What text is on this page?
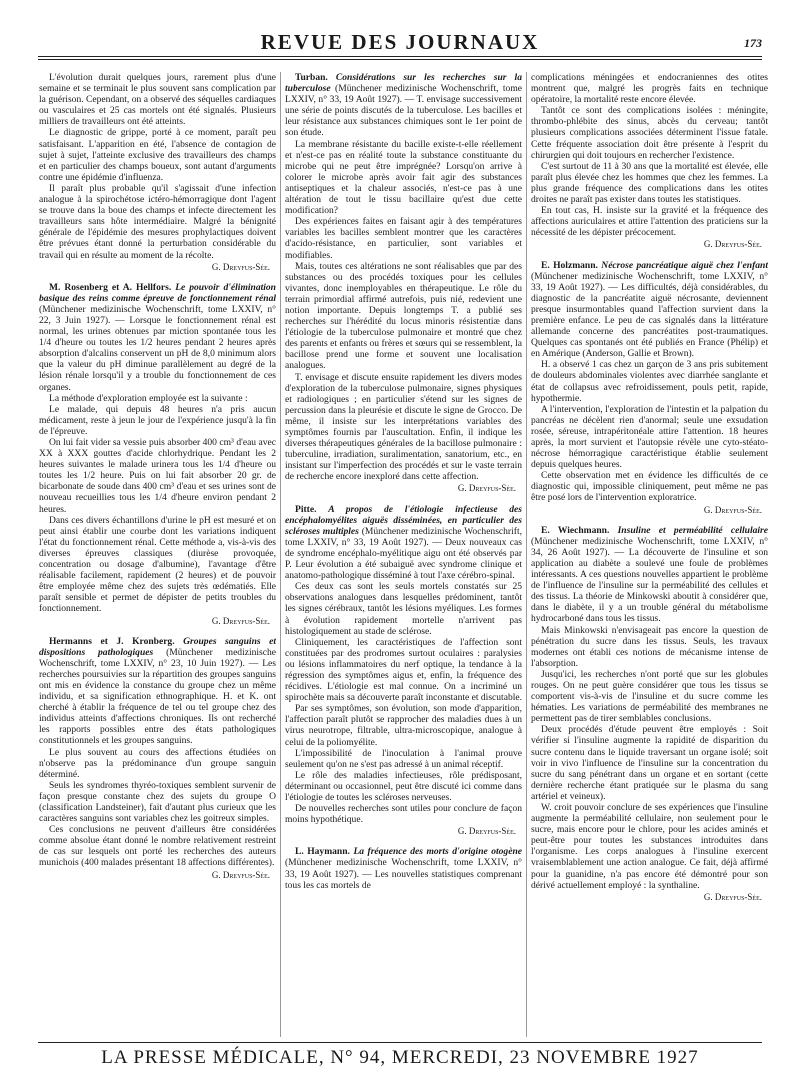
REVUE DES JOURNAUX	173

L'évolution durait quelques jours, rarement plus d'une semaine et se terminait le plus souvent sans complication par la guérison. Cependant, on a observé des séquelles cardiaques ou vasculaires et 25 cas mortels ont été signalés. Plusieurs milliers de travailleurs ont été atteints.

Le diagnostic de grippe, porté à ce moment, paraît peu satisfaisant. L'apparition en été, l'absence de contagion de sujet à sujet, l'atteinte exclusive des travailleurs des champs et en particulier des champs boueux, sont autant d'arguments contre une épidémie d'influenza.

Il paraît plus probable qu'il s'agissait d'une infection analogue à la spirochétose ictéro-hémorragique dont l'agent se trouve dans la boue des champs et infecte directement les travailleurs sans hôte intermédiaire. Malgré la bénignité générale de l'épidémie des mesures prophylactiques doivent être prévues étant donné la perturbation considérable du travail qui en résulte au moment de la récolte.

G. Dreyfus-Sée.

M. Rosenberg et A. Hellfors. Le pouvoir d'élimination basique des reins comme épreuve de fonctionnement rénal (Münchener medizinische Wochenschrift, tome LXXIV, n° 22, 3 Juin 1927). — Lorsque le fonctionnement rénal est normal, les urines obtenues par miction spontanée tous les 1/4 d'heure ou toutes les 1/2 heures pendant 2 heures après absorption d'alcalins conservent un pH de 8,0 minimum alors que la valeur du pH diminue parallèlement au degré de la lésion rénale lorsqu'il y a trouble du fonctionnement de ces organes.

La méthode d'exploration employée est la suivante :

Le malade, qui depuis 48 heures n'a pris aucun médicament, reste à jeun le jour de l'expérience jusqu'à la fin de l'épreuve.

On lui fait vider sa vessie puis absorber 400 cm³ d'eau avec XX à XXX gouttes d'acide chlorhydrique. Pendant les 2 heures suivantes le malade urinera tous les 1/4 d'heure ou toutes les 1/2 heure. Puis on lui fait absorber 20 gr. de bicarbonate de soude dans 400 cm³ d'eau et ses urines sont de nouveau recueillies tous les 1/4 d'heure environ pendant 2 heures.

Dans ces divers échantillons d'urine le pH est mesuré et on peut ainsi établir une courbe dont les variations indiquent l'état du fonctionnement rénal. Cette méthode a, vis-à-vis des diverses épreuves classiques (diurèse provoquée, concentration ou dosage d'albumine), l'avantage d'être réalisable facilement, rapidement (2 heures) et de pouvoir être employée même chez des sujets très œdématiés. Elle paraît sensible et permet de dépister de petits troubles du fonctionnement.

G. Dreyfus-Sée.

Hermanns et J. Kronberg. Groupes sanguins et dispositions pathologiques (Münchener medizinische Wochenschrift, tome LXXIV, n° 23, 10 Juin 1927). — Les recherches poursuivies sur la répartition des groupes sanguins ont mis en évidence la constance du groupe chez un même individu, et sa signification ethnographique. H. et K. ont cherché à établir la fréquence de tel ou tel groupe chez des individus atteints d'affections chroniques. Ils ont recherché les rapports possibles entre des états pathologiques constitutionnels et les groupes sanguins.

Le plus souvent au cours des affections étudiées on n'observe pas la prédominance d'un groupe sanguin déterminé.

Seuls les syndromes thyréo-toxiques semblent survenir de façon presque constante chez des sujets du groupe O (classification Landsteiner), fait d'autant plus curieux que les caractères sanguins sont variables chez les goitreux simples.

Ces conclusions ne peuvent d'ailleurs être considérées comme absolue étant donné le nombre relativement restreint de cas sur lesquels ont porté les recherches des auteurs munichois (400 malades présentant 18 affections différentes).

G. Dreyfus-Sée.

Turban. Considérations sur les recherches sur la tuberculose (Münchener medizinische Wochenschrift, tome LXXIV, n° 33, 19 Août 1927). — T. envisage successivement une série de points discutés de la tuberculose. Les bacilles et leur résistance aux substances chimiques sont le 1er point de son étude.

La membrane résistante du bacille existe-t-elle réellement et n'est-ce pas en réalité toute la substance constituante du microbe qui ne peut être imprégnée? Lorsqu'on arrive à colorer le microbe après avoir fait agir des substances antiseptiques et la chaleur associés, n'est-ce pas à une altération de tout le tissu bacillaire qu'est due cette modification?

Des expériences faites en faisant agir à des températures variables les bacilles semblent montrer que les caractères d'acido-résistance, en particulier, sont variables et modifiables.

Mais, toutes ces altérations ne sont réalisables que par des substances ou des procédés toxiques pour les cellules vivantes, donc inemployables en thérapeutique. Le rôle du terrain primordial affirmé autrefois, puis nié, redevient une notion importante. Depuis longtemps T. a publié ses recherches sur l'hérédité du locus minoris résistentiæ dans l'étiologie de la tuberculose pulmonaire et montré que chez des parents et enfants ou frères et sœurs qui se ressemblent, la bacillose prend une forme et souvent une localisation analogues.

T. envisage et discute ensuite rapidement les divers modes d'exploration de la tuberculose pulmonaire, signes physiques et radiologiques ; en particulier s'étend sur les signes de percussion dans la pleurésie et discute le signe de Grocco. De même, il insiste sur les interprétations variables des symptômes fournis par l'auscultation. Enfin, il indique les diverses thérapeutiques générales de la bacillose pulmonaire : tuberculine, irradiation, suralimentation, sanatorium, etc., en insistant sur l'imperfection des procédés et sur le vaste terrain de recherche encore inexploré dans cette affection.

G. Dreyfus-Sée.

Pitte. A propos de l'étiologie infectieuse des encéphalomyélites aiguës disséminées, en particulier des scléroses multiples (Münchener medizinische Wochenschrift, tome LXXIV, n° 33, 19 Août 1927). — Deux nouveaux cas de syndrome encéphalo-myélitique aigu ont été observés par P. Leur évolution a été subaiguë avec syndrome clinique et anatomo-pathologique disséminé à tout l'axe cérébro-spinal.

Ces deux cas sont les seuls mortels constatés sur 25 observations analogues dans lesquelles prédominent, tantôt les signes cérébraux, tantôt les lésions myéliques. Les formes à évolution rapidement mortelle n'arrivent pas histologiquement au stade de sclérose.

Cliniquement, les caractéristiques de l'affection sont constituées par des prodromes surtout oculaires : paralysies ou lésions inflammatoires du nerf optique, la tendance à la régression des symptômes aigus et, enfin, la fréquence des récidives. L'étiologie est mal connue. On a incriminé un spirochète mais sa découverte paraît inconstante et discutable.

Par ses symptômes, son évolution, son mode d'apparition, l'affection paraît plutôt se rapprocher des maladies dues à un virus neurotrope, filtrable, ultra-microscopique, analogue à celui de la poliomyélite.

L'impossibilité de l'inoculation à l'animal prouve seulement qu'on ne s'est pas adressé à un animal réceptif.

Le rôle des maladies infectieuses, rôle prédisposant, déterminant ou occasionnel, peut être discuté ici comme dans l'étiologie de toutes les scléroses nerveuses.

De nouvelles recherches sont utiles pour conclure de façon moins hypothétique.

G. Dreyfus-Sée.

L. Haymann. La fréquence des morts d'origine otogène (Münchener medizinische Wochenschrift, tome LXXIV, n° 33, 19 Août 1927). — Les nouvelles statistiques comprenant tous les cas mortels de

complications méningées et endocraniennes des otites montrent que, malgré les progrès faits en technique opératoire, la mortalité reste encore élevée.

Tantôt ce sont des complications isolées : méningite, thrombo-phlébite des sinus, abcès du cerveau; tantôt plusieurs complications associées déterminent l'issue fatale. Cette fréquente association doit être présente à l'esprit du chirurgien qui doit toujours en rechercher l'existence.

C'est surtout de 11 à 30 ans que la mortalité est élevée, elle paraît plus élevée chez les hommes que chez les femmes. La plus grande fréquence des complications dans les otites droites ne paraît pas exister dans toutes les statistiques.

En tout cas, H. insiste sur la gravité et la fréquence des affections auriculaires et attire l'attention des praticiens sur la nécessité de les dépister précocement.

G. Dreyfus-Sée.

E. Holzmann. Nécrose pancréatique aiguë chez l'enfant (Münchener medizinische Wochenschrift, tome LXXIV, n° 33, 19 Août 1927). — Les difficultés, déjà considérables, du diagnostic de la pancréatite aiguë nécrosante, deviennent presque insurmontables quand l'affection survient dans la première enfance. Le peu de cas signalés dans la littérature allemande concerne des pancréatites post-traumatiques. Quelques cas spontanés ont été publiés en France (Phélip) et en Amérique (Anderson, Gallie et Brown).

H. a observé 1 cas chez un garçon de 3 ans pris subitement de douleurs abdominales violentes avec diarrhée sanglante et état de collapsus avec refroidissement, pouls petit, rapide, hypothermie.

A l'intervention, l'exploration de l'intestin et la palpation du pancréas ne décèlent rien d'anormal; seule une exsudation rosée, séreuse, intrapéritonéale attire l'attention. 18 heures après, la mort survient et l'autopsie révèle une cyto-stéato-nécrose hémorragique caractéristique établie seulement depuis quelques heures.

Cette observation met en évidence les difficultés de ce diagnostic qui, impossible cliniquement, peut même ne pas être posé lors de l'intervention exploratrice.

G. Dreyfus-Sée.

E. Wiechmann. Insuline et perméabilité cellulaire (Münchener medizinische Wochenschrift, tome LXXIV, n° 34, 26 Août 1927). — La découverte de l'insuline et son application au diabète a soulevé une foule de problèmes intéressants. A ces questions nouvelles appartient le problème de l'influence de l'insuline sur la perméabilité des cellules et des tissus. La théorie de Minkowski aboutit à considérer que, dans le diabète, il y a un trouble général du métabolisme hydrocarboné dans tous les tissus.

Mais Minkowski n'envisageait pas encore la question de pénétration du sucre dans les tissus. Seuls, les travaux modernes ont établi ces notions de mécanisme intense de l'absorption.

Jusqu'ici, les recherches n'ont porté que sur les globules rouges. On ne peut guère considérer que tous les tissus se comportent vis-à-vis de l'insuline et du sucre comme les hématies. Les variations de perméabilité des membranes ne permettent pas de tirer semblables conclusions.

Deux procédés d'étude peuvent être employés : Soit vérifier si l'insuline augmente la rapidité de disparition du sucre contenu dans le liquide traversant un organe isolé; soit voir in vivo l'influence de l'insuline sur la concentration du sucre du sang pénétrant dans un organe et en sortant (cette dernière recherche étant pratiquée sur le plasma du sang artériel et veineux).

W. croit pouvoir conclure de ses expériences que l'insuline augmente la perméabilité cellulaire, non seulement pour le sucre, mais encore pour le chlore, pour les acides aminés et peut-être pour toutes les substances introduites dans l'organisme. Les corps analogues à l'insuline exercent vraisemblablement une action analogue. Ce fait, déjà affirmé pour la guanidine, n'a pas encore été démontré pour son dérivé actuellement employé : la synthaline.

G. Dreyfus-Sée.
LA PRESSE MÉDICALE, N° 94, MERCREDI, 23 NOVEMBRE 1927
